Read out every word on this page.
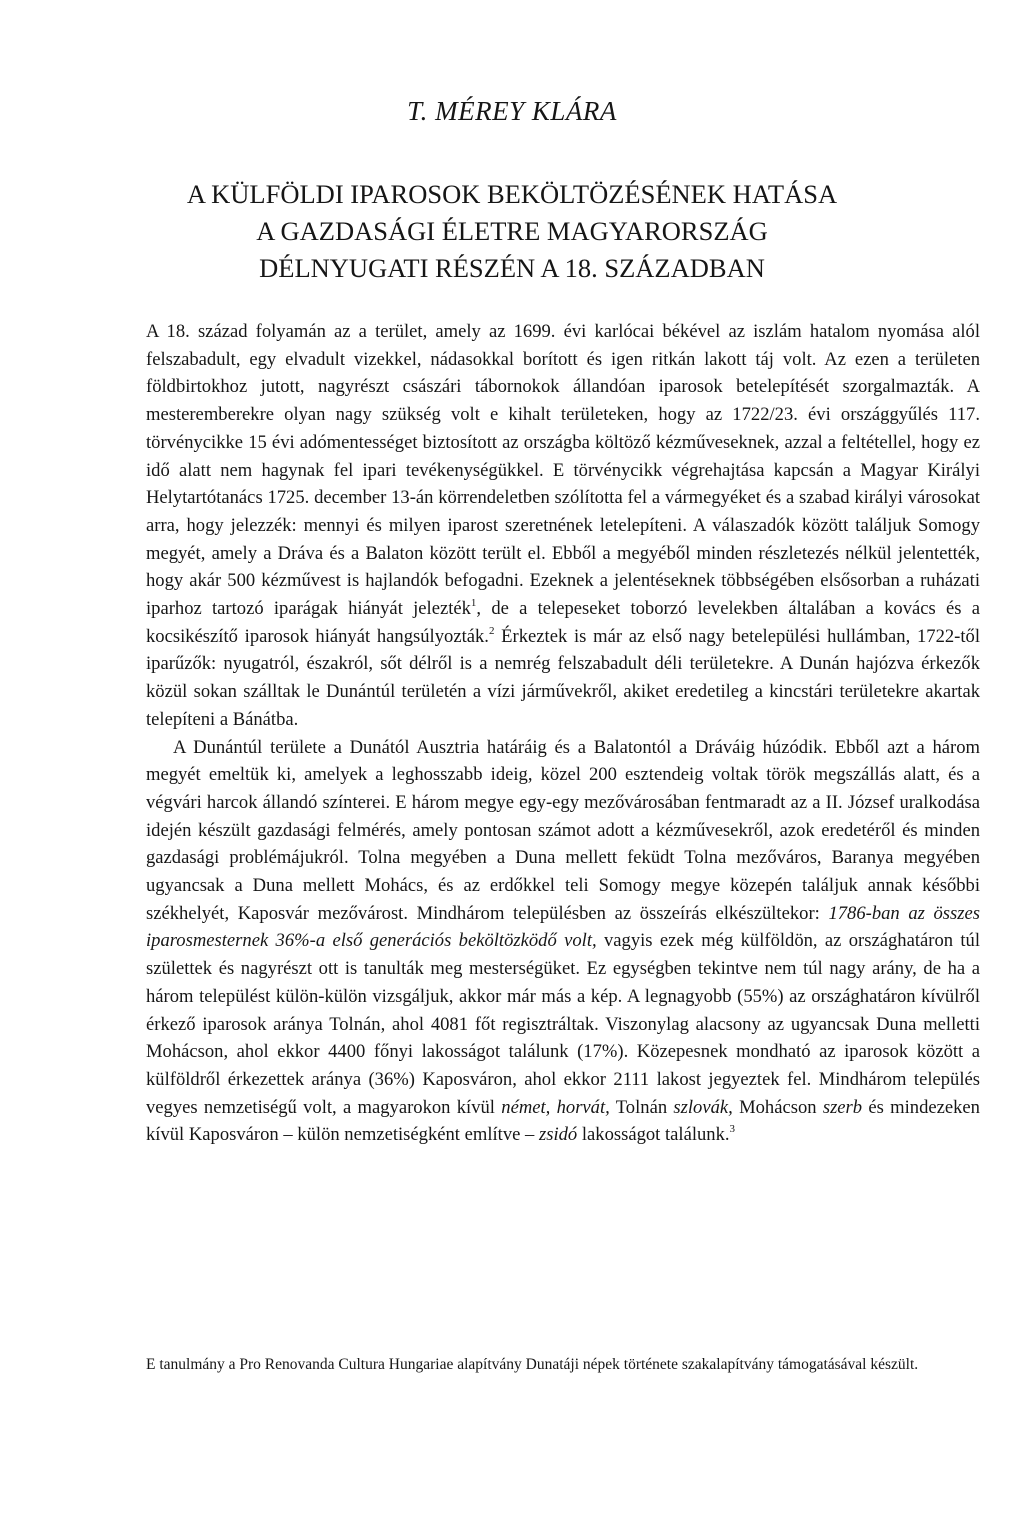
T. MÉREY KLÁRA
A KÜLFÖLDI IPAROSOK BEKÖLTÖZÉSÉNEK HATÁSA
A GAZDASÁGI ÉLETRE MAGYARORSZÁG
DÉLNYUGATI RÉSZÉN A 18. SZÁZADBAN

A 18. század folyamán az a terület, amely az 1699. évi karlócai békével az iszlám hatalom nyomása alól felszabadult, egy elvadult vizekkel, nádasokkal borított és igen ritkán lakott táj volt. Az ezen a területen földbirtokhoz jutott, nagyrészt császári tábornokok állandóan iparosok betelepítését szorgalmazták. A mesteremberekre olyan nagy szükség volt e kihalt területeken, hogy az 1722/23. évi országgyűlés 117. törvénycikke 15 évi adómentességet biztosított az országba költöző kézműveseknek, azzal a feltétellel, hogy ez idő alatt nem hagynak fel ipari tevékenységükkel. E törvénycikk végrehajtása kapcsán a Magyar Királyi Helytartótanács 1725. december 13-án körrendeletben szólította fel a vármegyéket és a szabad királyi városokat arra, hogy jelezzék: mennyi és milyen iparost szeretnének letelepíteni. A válaszadók között találjuk Somogy megyét, amely a Dráva és a Balaton között terült el. Ebből a megyéből minden részletezés nélkül jelentették, hogy akár 500 kézművest is hajlandók befogadni. Ezeknek a jelentéseknek többségében elsősorban a ruházati iparhoz tartozó iparágak hiányát jelezték$^1$, de a telepeseket toborzó levelekben általában a kovács és a kocsikészítő iparosok hiányát hangsúlyozták.$^2$ Érkeztek is már az első nagy betelepülési hullámban, 1722-től iparűzők: nyugatról, északról, sőt délről is a nemrég felszabadult déli területekre. A Dunán hajózva érkezők közül sokan szálltak le Dunántúl területén a vízi járművekről, akiket eredetileg a kincstári területekre akartak telepíteni a Bánátba.

A Dunántúl területe a Dunától Ausztria határáig és a Balatontól a Dráváig húzódik. Ebből azt a három megyét emeltük ki, amelyek a leghosszabb ideig, közel 200 esztendeig voltak török megszállás alatt, és a végvári harcok állandó színterei. E három megye egy-egy mezővárosában fentmaradt az a II. József uralkodása idején készült gazdasági felmérés, amely pontosan számot adott a kézművesekről, azok eredetéről és minden gazdasági problémájukról. Tolna megyében a Duna mellett feküdt Tolna mezőváros, Baranya megyében ugyancsak a Duna mellett Mohács, és az erdőkkel teli Somogy megye közepén találjuk annak későbbi székhelyét, Kaposvár mezővárost. Mindhárom településben az összeírás elkészültekor: 1786-ban az összes iparosmesternek 36%-a első generációs beköltözködő volt, vagyis ezek még külföldön, az országhatáron túl születtek és nagyrészt ott is tanulták meg mesterségüket. Ez egységben tekintve nem túl nagy arány, de ha a három települést külön-külön vizsgáljuk, akkor már más a kép. A legnagyobb (55%) az országhatáron kívülről érkező iparosok aránya Tolnán, ahol 4081 főt regisztráltak. Viszonylag alacsony az ugyancsak Duna melletti Mohácson, ahol ekkor 4400 főnyi lakosságot találunk (17%). Közepesnek mondható az iparosok között a külföldről érkezettek aránya (36%) Kaposváron, ahol ekkor 2111 lakost jegyeztek fel. Mindhárom település vegyes nemzetiségű volt, a magyarokon kívül német, horvát, Tolnán szlovák, Mohácson szerb és mindezeken kívül Kaposváron – külön nemzetiségként említve – zsidó lakosságot találunk.$^3$

E tanulmány a Pro Renovanda Cultura Hungariae alapítvány Dunatáji népek története szakalapítvány támogatásával készült.
